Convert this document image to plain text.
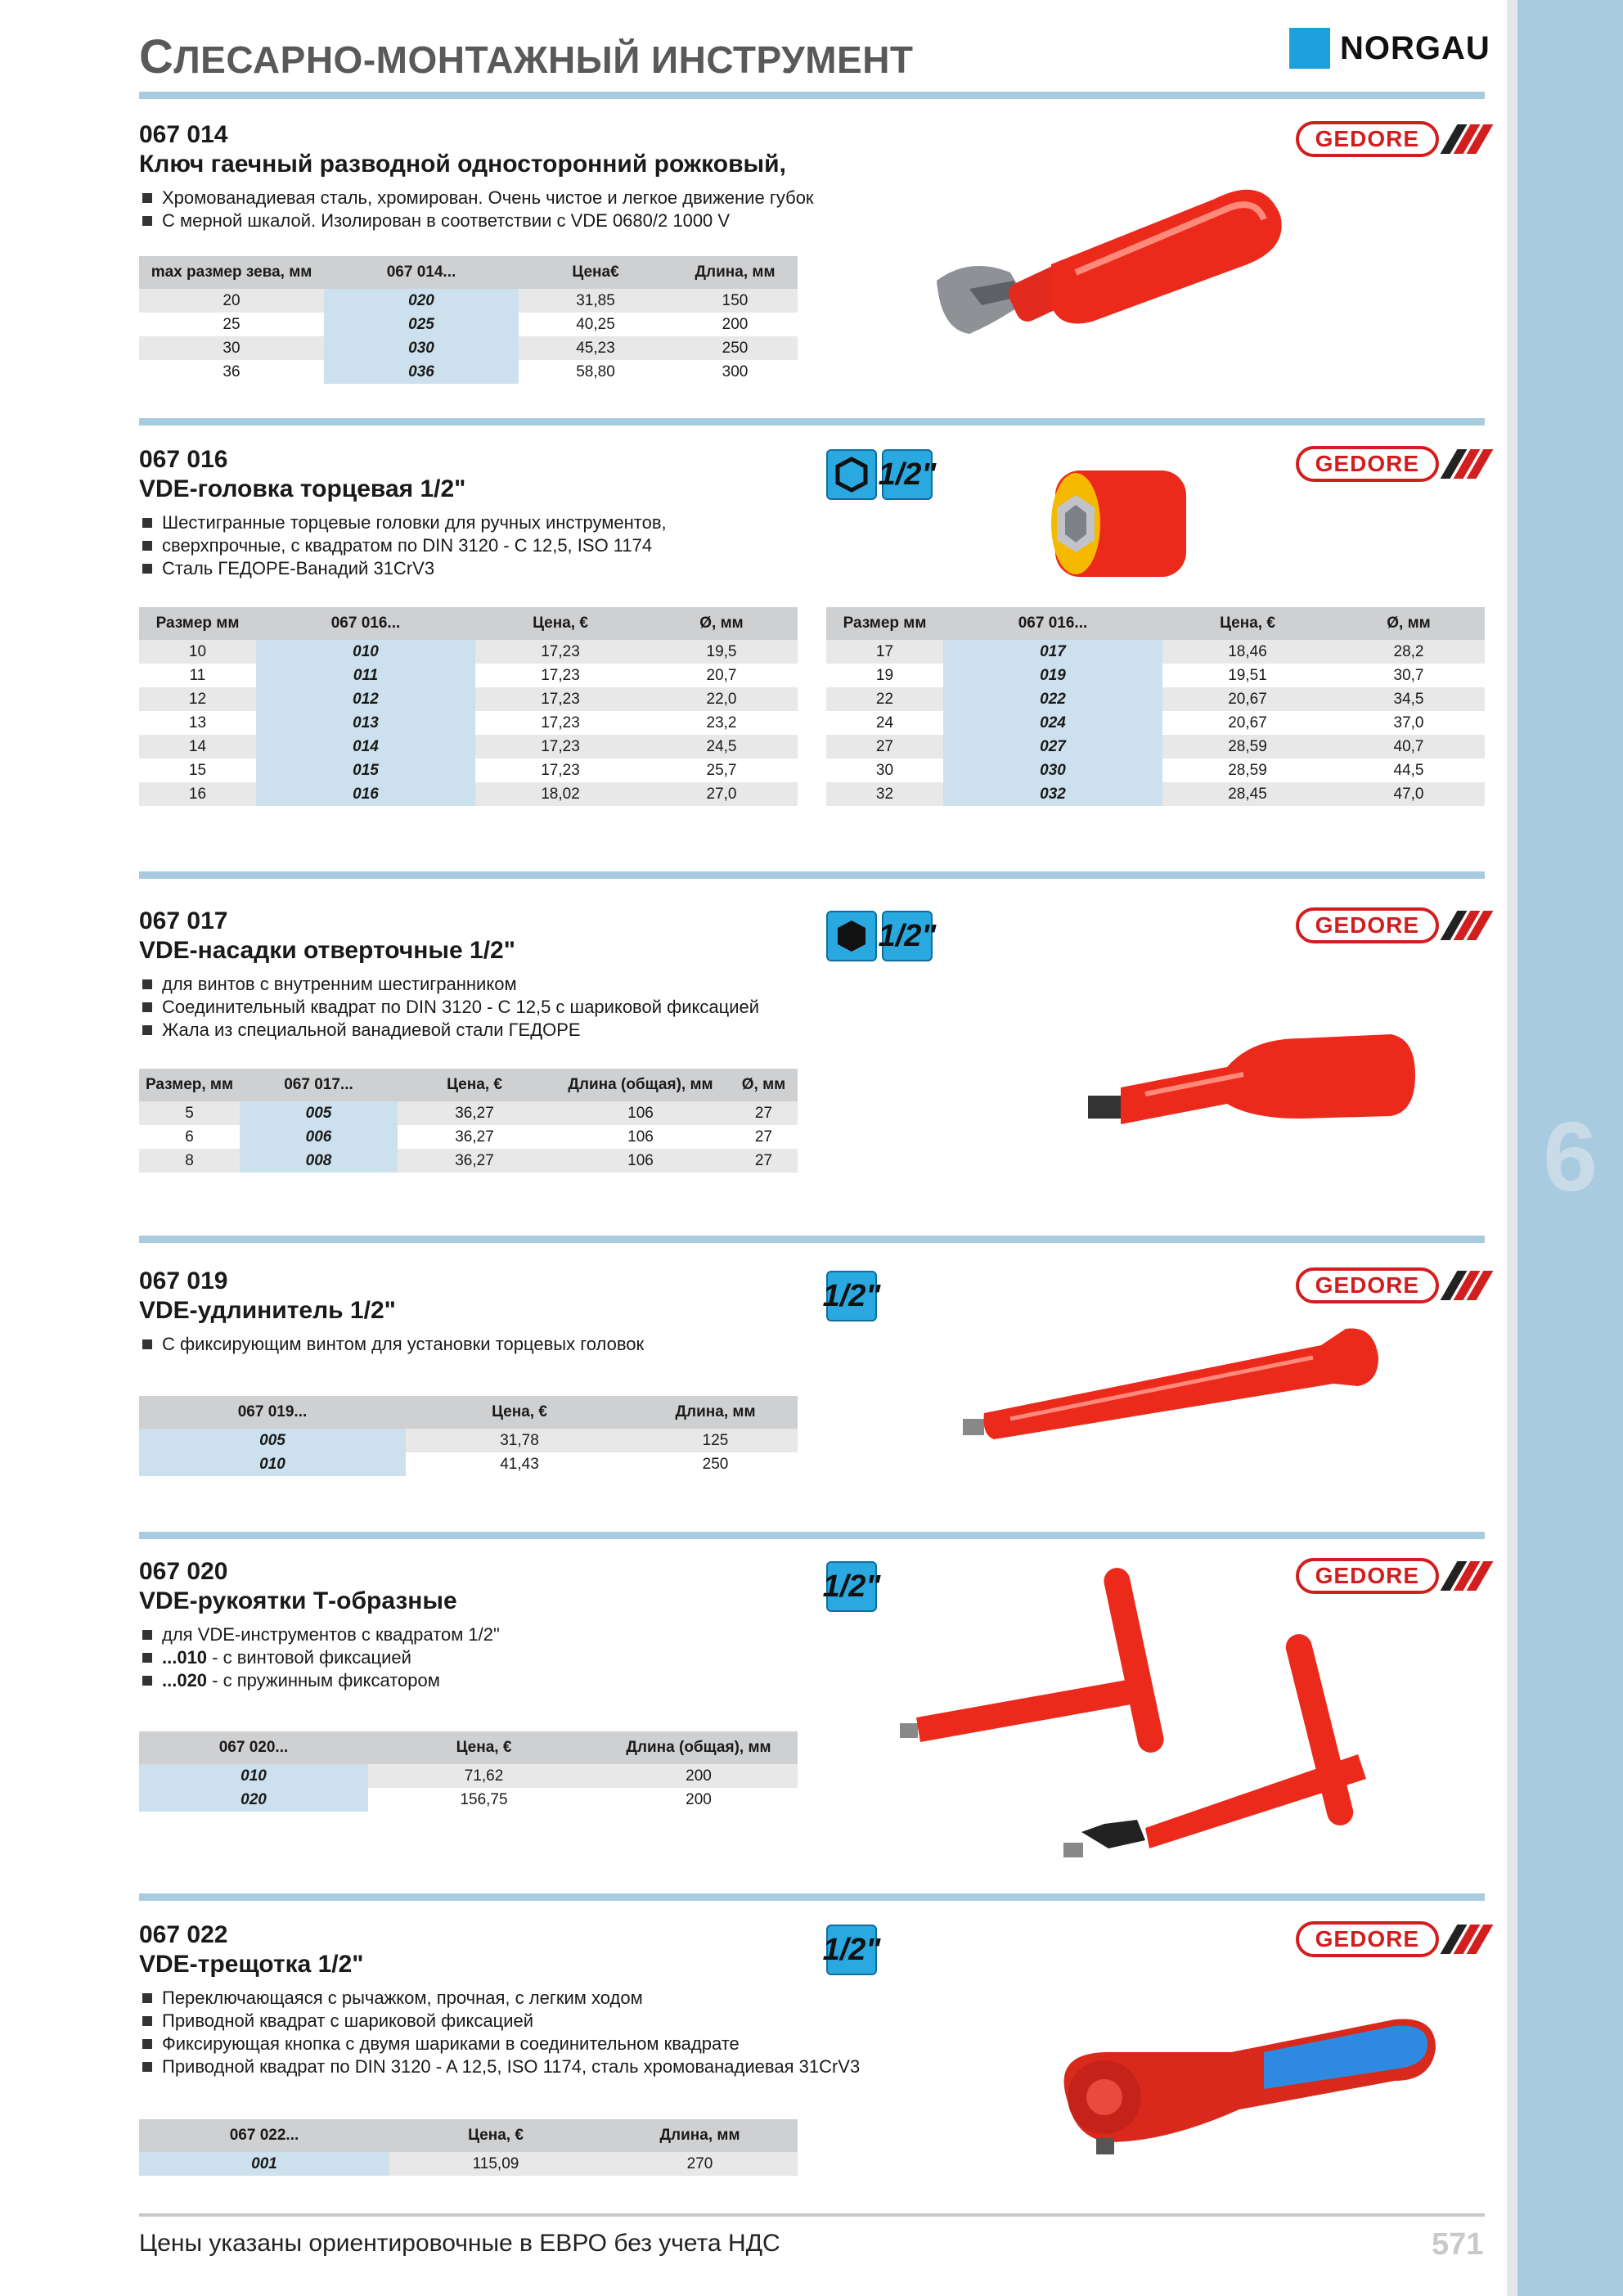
6
СЛЕСАРНО-МОНТАЖНЫЙ ИНСТРУМЕНТ	NORGAU
067 014
Ключ гаечный разводной односторонний рожковый,
Хромованадиевая сталь, хромирован. Очень чистое и легкое движение губок
С мерной шкалой. Изолирован в соответствии с VDE 0680/2 1000 V
GEDORE
max размер зева, мм	067 014...	Цена€	Длина, мм
20	020	31,85	150
25	025	40,25	200
30	030	45,23	250
36	036	58,80	300
067 016
VDE-головка торцевая 1/2"
Шестигранные торцевые головки для ручных инструментов,
сверхпрочные, с квадратом по DIN 3120 - C 12,5, ISO 1174
Сталь ГЕДОРЕ-Ванадий 31CrV3
1/2"	GEDORE
Размер мм	067 016...	Цена, €	Ø, мм
10	010	17,23	19,5
11	011	17,23	20,7
12	012	17,23	22,0
13	013	17,23	23,2
14	014	17,23	24,5
15	015	17,23	25,7
16	016	18,02	27,0
Размер мм	067 016...	Цена, €	Ø, мм
17	017	18,46	28,2
19	019	19,51	30,7
22	022	20,67	34,5
24	024	20,67	37,0
27	027	28,59	40,7
30	030	28,59	44,5
32	032	28,45	47,0
067 017
VDE-насадки отверточные 1/2"
для винтов с внутренним шестигранником
Соединительный квадрат по DIN 3120 - C 12,5 с шариковой фиксацией
Жала из специальной ванадиевой стали ГЕДОРЕ
1/2"	GEDORE
Размер, мм	067 017...	Цена, €	Длина (общая), мм	Ø, мм
5	005	36,27	106	27
6	006	36,27	106	27
8	008	36,27	106	27
067 019
VDE-удлинитель 1/2"
С фиксирующим винтом для установки торцевых головок
1/2"	GEDORE
067 019...	Цена, €	Длина, мм
005	31,78	125
010	41,43	250
067 020
VDE-рукоятки Т-образные
для VDE-инструментов с квадратом 1/2"
...010 - с винтовой фиксацией
...020 - с пружинным фиксатором
1/2"	GEDORE
067 020...	Цена, €	Длина (общая), мм
010	71,62	200
020	156,75	200
067 022
VDE-трещотка 1/2"
Переключающаяся с рычажком, прочная, с легким ходом
Приводной квадрат с шариковой фиксацией
Фиксирующая кнопка с двумя шариками в соединительном квадрате
Приводной квадрат по DIN 3120 - A 12,5, ISO 1174, сталь хромованадиевая 31CrV3
1/2"	GEDORE
067 022...	Цена, €	Длина, мм
001	115,09	270
Цены указаны ориентировочные в ЕВРО без учета НДС	571
